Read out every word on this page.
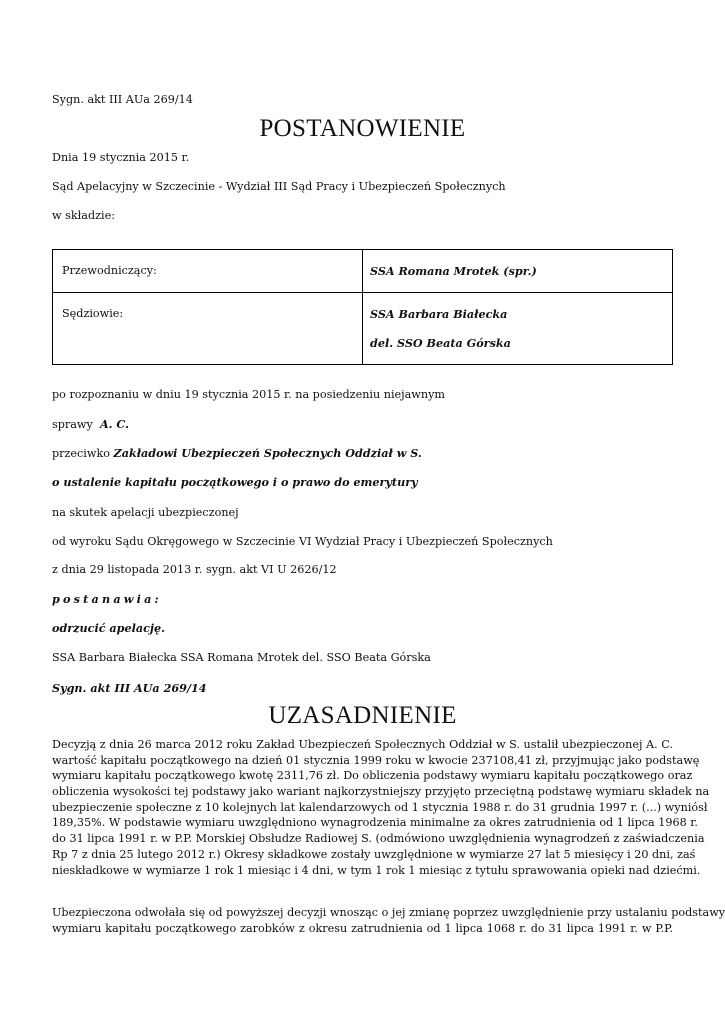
Sygn. akt III AUa 269/14
POSTANOWIENIE
Dnia 19 stycznia 2015 r.
Sąd Apelacyjny w Szczecinie - Wydział III Sąd Pracy i Ubezpieczeń Społecznych
w składzie:
Przewodniczący:	SSA Romana Mrotek (spr.)
Sędziowie:	SSA Barbara Białecka
del. SSO Beata Górska
po rozpoznaniu w dniu 19 stycznia 2015 r. na posiedzeniu niejawnym
sprawy A. C.
przeciwko Zakładowi Ubezpieczeń Społecznych Oddział w S.
o ustalenie kapitału początkowego i o prawo do emerytury
na skutek apelacji ubezpieczonej
od wyroku Sądu Okręgowego w Szczecinie VI Wydział Pracy i Ubezpieczeń Społecznych
z dnia 29 listopada 2013 r. sygn. akt VI U 2626/12
postanawia:
odrzucić apelację.
SSA Barbara Białecka SSA Romana Mrotek del. SSO Beata Górska
Sygn. akt III AUa 269/14
UZASADNIENIE
Decyzją z dnia 26 marca 2012 roku Zakład Ubezpieczeń Społecznych Oddział w S. ustalił ubezpieczonej A. C.
wartość kapitału początkowego na dzień 01 stycznia 1999 roku w kwocie 237108,41 zł, przyjmując jako podstawę
wymiaru kapitału początkowego kwotę 2311,76 zł. Do obliczenia podstawy wymiaru kapitału początkowego oraz
obliczenia wysokości tej podstawy jako wariant najkorzystniejszy przyjęto przeciętną podstawę wymiaru składek na
ubezpieczenie społeczne z 10 kolejnych lat kalendarzowych od 1 stycznia 1988 r. do 31 grudnia 1997 r. (...) wyniósł
189,35%. W podstawie wymiaru uwzględniono wynagrodzenia minimalne za okres zatrudnienia od 1 lipca 1968 r.
do 31 lipca 1991 r. w P.P. Morskiej Obsłudze Radiowej S. (odmówiono uwzględnienia wynagrodzeń z zaświadczenia
Rp 7 z dnia 25 lutego 2012 r.) Okresy składkowe zostały uwzględnione w wymiarze 27 lat 5 miesięcy i 20 dni, zaś
nieskładkowe w wymiarze 1 rok 1 miesiąc i 4 dni, w tym 1 rok 1 miesiąc z tytułu sprawowania opieki nad dziećmi.
Ubezpieczona odwołała się od powyższej decyzji wnosząc o jej zmianę poprzez uwzględnienie przy ustalaniu podstawy
wymiaru kapitału początkowego zarobków z okresu zatrudnienia od 1 lipca 1068 r. do 31 lipca 1991 r. w P.P.
